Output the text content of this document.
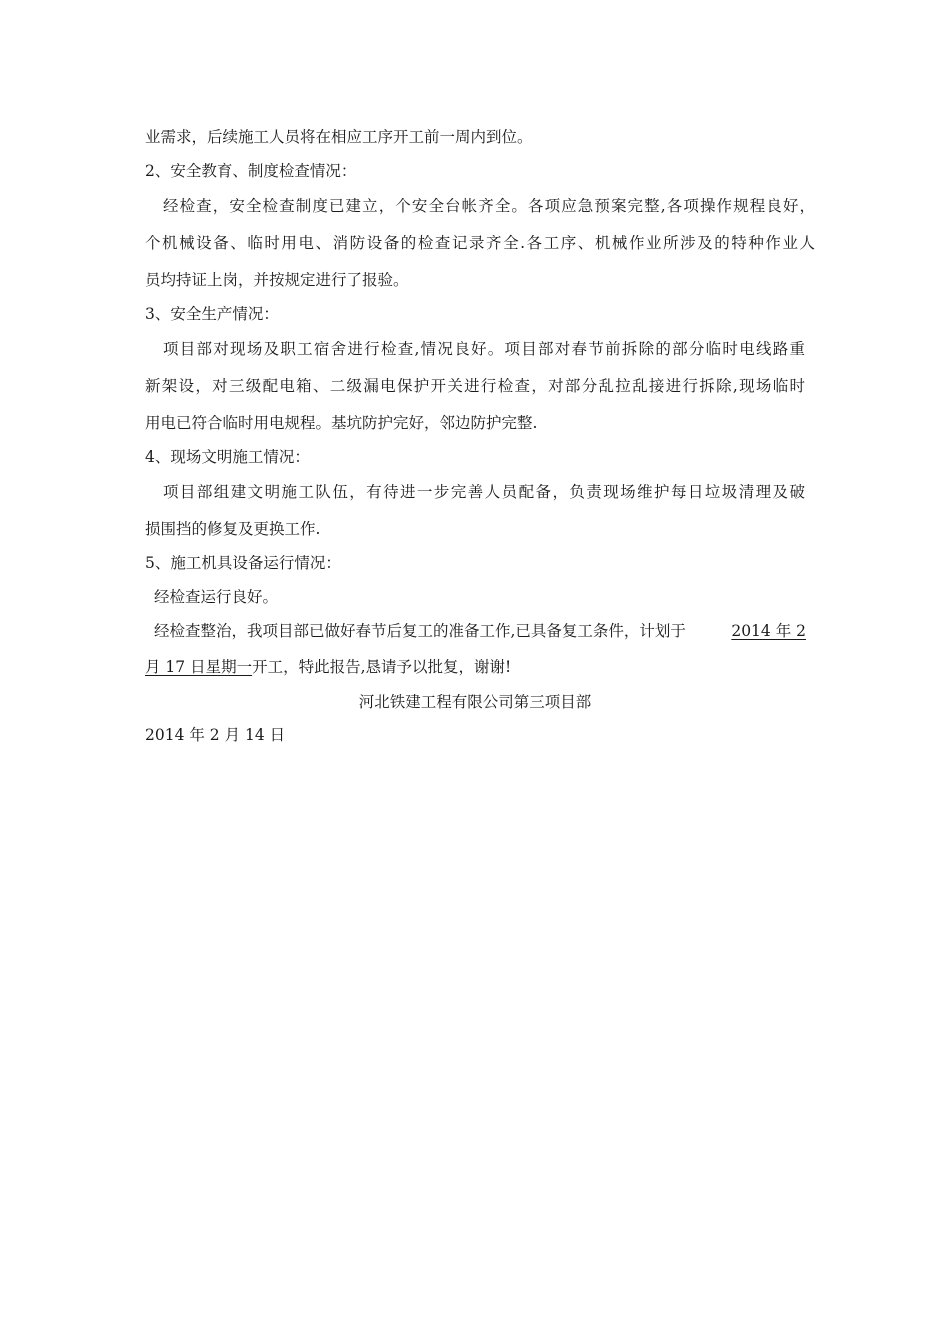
业需求，后续施工人员将在相应工序开工前一周内到位。
2、安全教育、制度检查情况：
经检查，安全检查制度已建立，个安全台帐齐全。各项应急预案完整,各项操作规程良好，
个机械设备、临时用电、消防设备的检查记录齐全.各工序、机械作业所涉及的特种作业人
员均持证上岗，并按规定进行了报验。
3、安全生产情况：
项目部对现场及职工宿舍进行检查,情况良好。项目部对春节前拆除的部分临时电线路重
新架设，对三级配电箱、二级漏电保护开关进行检查，对部分乱拉乱接进行拆除,现场临时
用电已符合临时用电规程。基坑防护完好，邻边防护完整.
4、现场文明施工情况：
项目部组建文明施工队伍，有待进一步完善人员配备，负责现场维护每日垃圾清理及破
损围挡的修复及更换工作.
5、施工机具设备运行情况：
经检查运行良好。
经检查整治，我项目部已做好春节后复工的准备工作,已具备复工条件，计划于	2014 年 2
月 17 日星期一开工，特此报告,恳请予以批复，谢谢!
河北铁建工程有限公司第三项目部
2014 年 2 月 14 日
